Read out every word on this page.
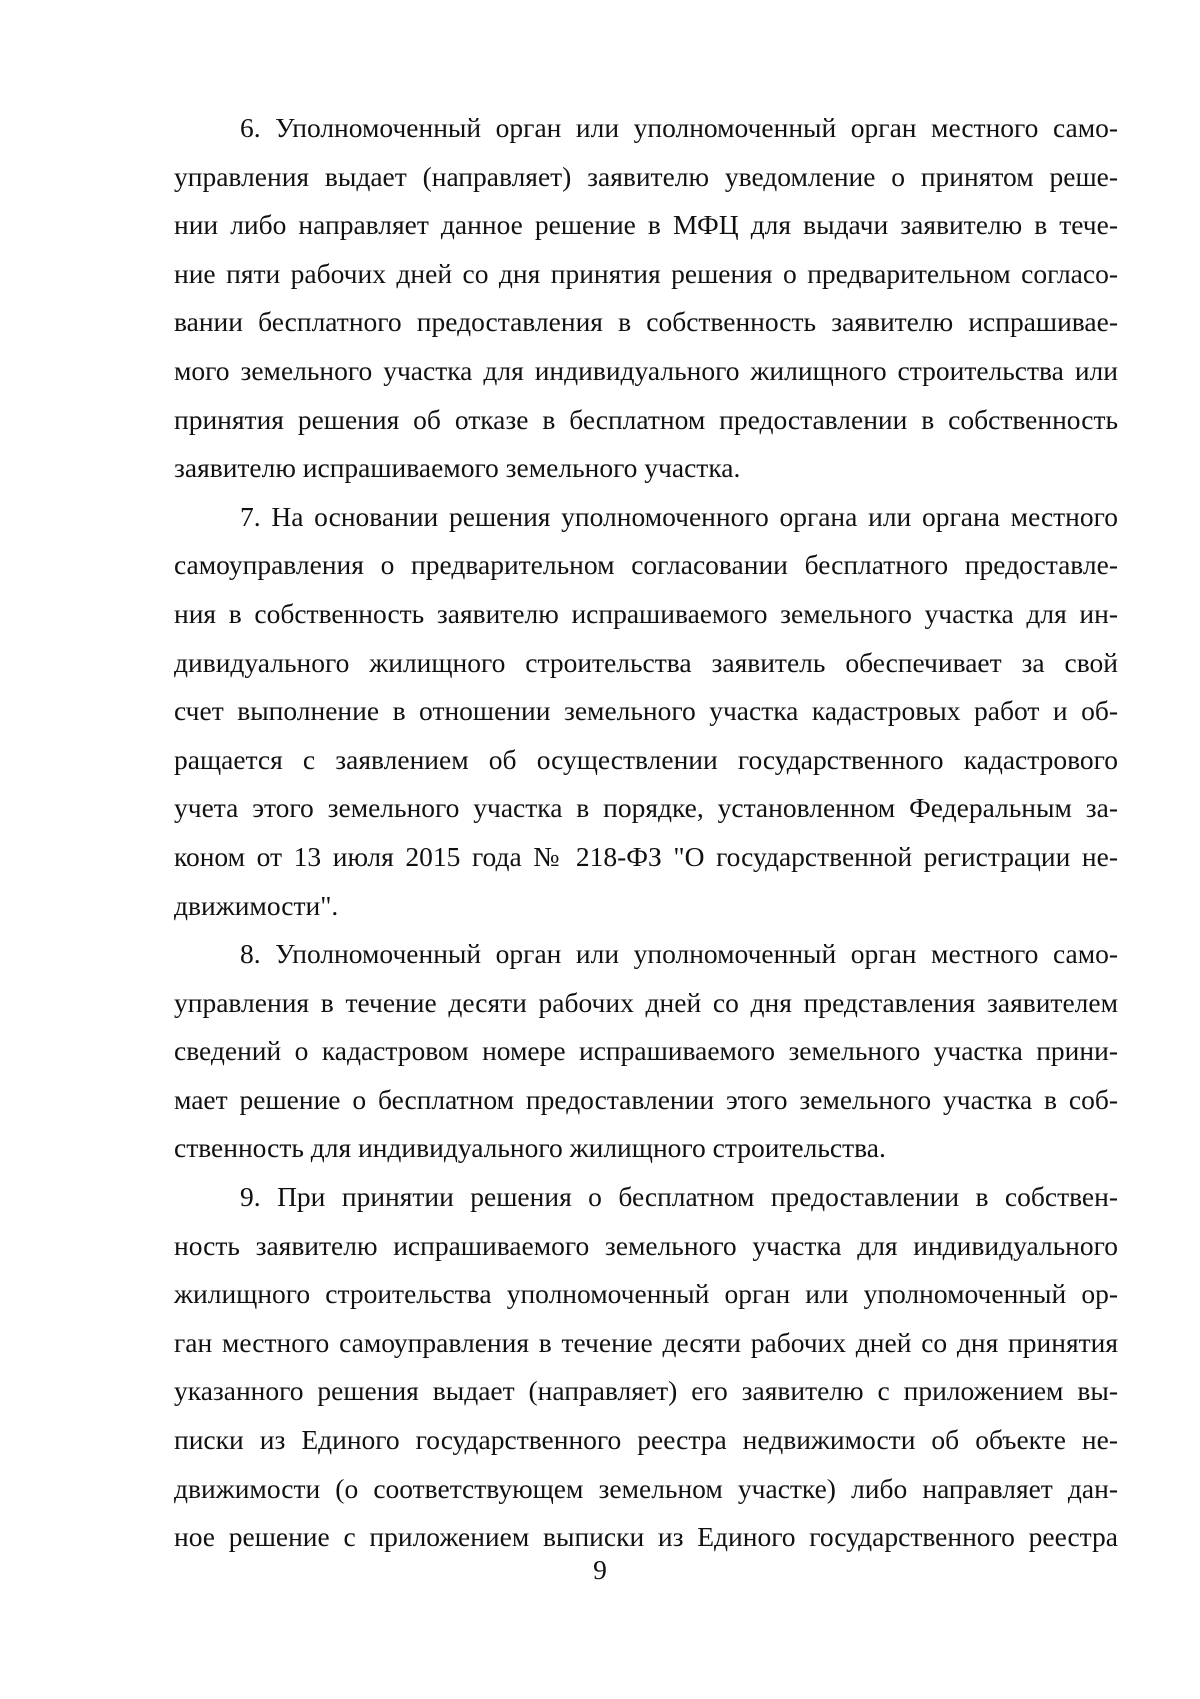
6. Уполномоченный орган или уполномоченный орган местного само-
управления выдает (направляет) заявителю уведомление о принятом реше-
нии либо направляет данное решение в МФЦ для выдачи заявителю в тече-
ние пяти рабочих дней со дня принятия решения о предварительном согласо-
вании бесплатного предоставления в собственность заявителю испрашивае-
мого земельного участка для индивидуального жилищного строительства или
принятия решения об отказе в бесплатном предоставлении в собственность
заявителю испрашиваемого земельного участка.
7. На основании решения уполномоченного органа или органа местного
самоуправления о предварительном согласовании бесплатного предоставле-
ния в собственность заявителю испрашиваемого земельного участка для ин-
дивидуального жилищного строительства заявитель обеспечивает за свой
счет выполнение в отношении земельного участка кадастровых работ и об-
ращается с заявлением об осуществлении государственного кадастрового
учета этого земельного участка в порядке, установленном Федеральным за-
коном от 13 июля 2015 года № 218-ФЗ "О государственной регистрации не-
движимости".
8. Уполномоченный орган или уполномоченный орган местного само-
управления в течение десяти рабочих дней со дня представления заявителем
сведений о кадастровом номере испрашиваемого земельного участка прини-
мает решение о бесплатном предоставлении этого земельного участка в соб-
ственность для индивидуального жилищного строительства.
9. При принятии решения о бесплатном предоставлении в собствен-
ность заявителю испрашиваемого земельного участка для индивидуального
жилищного строительства уполномоченный орган или уполномоченный ор-
ган местного самоуправления в течение десяти рабочих дней со дня принятия
указанного решения выдает (направляет) его заявителю с приложением вы-
писки из Единого государственного реестра недвижимости об объекте не-
движимости (о соответствующем земельном участке) либо направляет дан-
ное решение с приложением выписки из Единого государственного реестра
9
